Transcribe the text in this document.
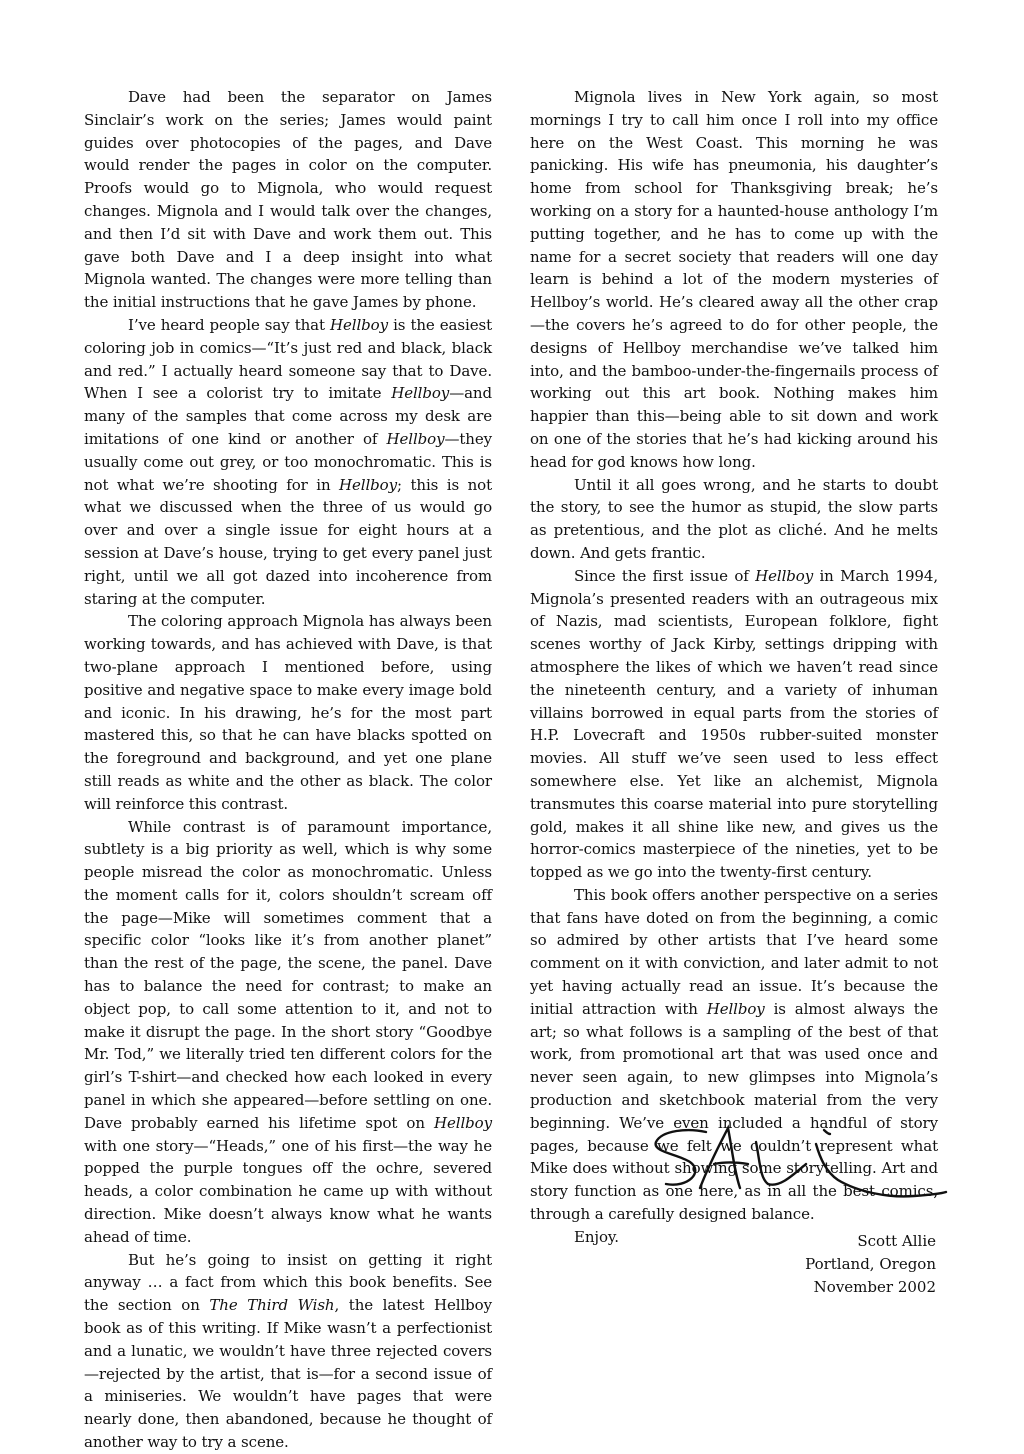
Dave had been the separator on James Sinclair’s work on the series; James would paint guides over photocopies of the pages, and Dave would render the pages in color on the computer. Proofs would go to Mignola, who would request changes. Mignola and I would talk over the changes, and then I’d sit with Dave and work them out. This gave both Dave and I a deep insight into what Mignola wanted. The changes were more telling than the initial instructions that he gave James by phone.

I’ve heard people say that Hellboy is the easiest coloring job in comics—“It’s just red and black, black and red.” I actually heard someone say that to Dave. When I see a colorist try to imitate Hellboy—and many of the samples that come across my desk are imitations of one kind or another of Hellboy—they usually come out grey, or too monochromatic. This is not what we’re shooting for in Hellboy; this is not what we discussed when the three of us would go over and over a single issue for eight hours at a session at Dave’s house, trying to get every panel just right, until we all got dazed into incoherence from staring at the computer.

The coloring approach Mignola has always been working towards, and has achieved with Dave, is that two-plane approach I mentioned before, using positive and negative space to make every image bold and iconic. In his drawing, he’s for the most part mastered this, so that he can have blacks spotted on the foreground and background, and yet one plane still reads as white and the other as black. The color will reinforce this contrast.

While contrast is of paramount importance, subtlety is a big priority as well, which is why some people misread the color as monochromatic. Unless the moment calls for it, colors shouldn’t scream off the page—Mike will sometimes comment that a specific color “looks like it’s from another planet” than the rest of the page, the scene, the panel. Dave has to balance the need for contrast; to make an object pop, to call some attention to it, and not to make it disrupt the page. In the short story “Goodbye Mr. Tod,” we literally tried ten different colors for the girl’s T-shirt—and checked how each looked in every panel in which she appeared—before settling on one. Dave probably earned his lifetime spot on Hellboy with one story—“Heads,” one of his first—the way he popped the purple tongues off the ochre, severed heads, a color combination he came up with without direction. Mike doesn’t always know what he wants ahead of time.

But he’s going to insist on getting it right anyway … a fact from which this book benefits. See the section on The Third Wish, the latest Hellboy book as of this writing. If Mike wasn’t a perfectionist and a lunatic, we wouldn’t have three rejected covers—rejected by the artist, that is—for a second issue of a miniseries. We wouldn’t have pages that were nearly done, then abandoned, because he thought of another way to try a scene.

Mignola lives in New York again, so most mornings I try to call him once I roll into my office here on the West Coast. This morning he was panicking. His wife has pneumonia, his daughter’s home from school for Thanksgiving break; he’s working on a story for a haunted-house anthology I’m putting together, and he has to come up with the name for a secret society that readers will one day learn is behind a lot of the modern mysteries of Hellboy’s world. He’s cleared away all the other crap—the covers he’s agreed to do for other people, the designs of Hellboy merchandise we’ve talked him into, and the bamboo-under-the-fingernails process of working out this art book. Nothing makes him happier than this—being able to sit down and work on one of the stories that he’s had kicking around his head for god knows how long.

Until it all goes wrong, and he starts to doubt the story, to see the humor as stupid, the slow parts as pretentious, and the plot as cliché. And he melts down. And gets frantic.

Since the first issue of Hellboy in March 1994, Mignola’s presented readers with an outrageous mix of Nazis, mad scientists, European folklore, fight scenes worthy of Jack Kirby, settings dripping with atmosphere the likes of which we haven’t read since the nineteenth century, and a variety of inhuman villains borrowed in equal parts from the stories of H.P. Lovecraft and 1950s rubber-suited monster movies. All stuff we’ve seen used to less effect somewhere else. Yet like an alchemist, Mignola transmutes this coarse material into pure storytelling gold, makes it all shine like new, and gives us the horror-comics masterpiece of the nineties, yet to be topped as we go into the twenty-first century.

This book offers another perspective on a series that fans have doted on from the beginning, a comic so admired by other artists that I’ve heard some comment on it with conviction, and later admit to not yet having actually read an issue. It’s because the initial attraction with Hellboy is almost always the art; so what follows is a sampling of the best of that work, from promotional art that was used once and never seen again, to new glimpses into Mignola’s production and sketchbook material from the very beginning. We’ve even included a handful of story pages, because we felt we couldn’t represent what Mike does without showing some storytelling. Art and story function as one here, as in all the best comics, through a carefully designed balance.

Enjoy.	Scott Allie
Portland, Oregon
November 2002
